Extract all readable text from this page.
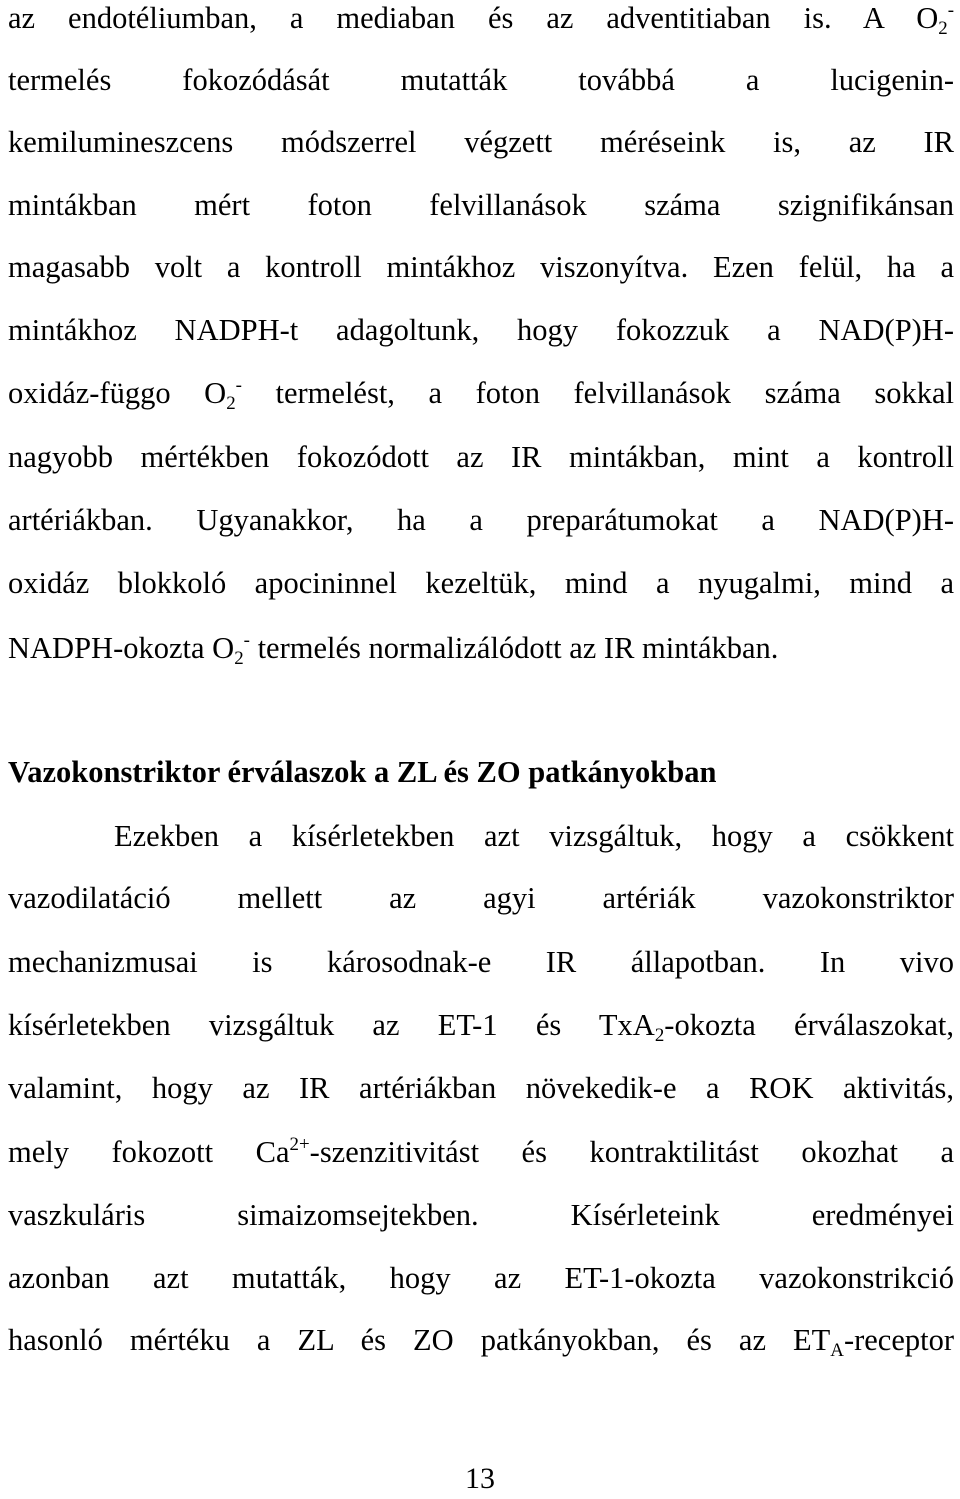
az endotéliumban, a mediaban és az adventitiaban is. A $O_2^-$
termelés fokozódását mutatták továbbá a lucigenin-
kemilumineszcens módszerrel végzett méréseink is, az IR
mintákban mért foton felvillanások száma szignifikánsan
magasabb volt a kontroll mintákhoz viszonyítva. Ezen felül, ha a
mintákhoz NADPH-t adagoltunk, hogy fokozzuk a NAD(P)H-
oxidáz-függo $O_2^-$ termelést, a foton felvillanások száma sokkal
nagyobb mértékben fokozódott az IR mintákban, mint a kontroll
artériákban. Ugyanakkor, ha a preparátumokat a NAD(P)H-
oxidáz blokkoló apocininnel kezeltük, mind a nyugalmi, mind a
NADPH-okozta $O_2^-$ termelés normalizálódott az IR mintákban.
Vazokonstriktor érválaszok a ZL és ZO patkányokban
Ezekben a kísérletekben azt vizsgáltuk, hogy a csökkent
vazodilatáció mellett az agyi artériák vazokonstriktor
mechanizmusai is károsodnak-e IR állapotban. In vivo
kísérletekben vizsgáltuk az ET-1 és TxA$_2$-okozta érválaszokat,
valamint, hogy az IR artériákban növekedik-e a ROK aktivitás,
mely fokozott $Ca^{2+}$-szenzitivitást és kontraktilitást okozhat a
vaszkuláris simaizomsejtekben. Kísérleteink eredményei
azonban azt mutatták, hogy az ET-1-okozta vazokonstrikció
hasonló mértéku a ZL és ZO patkányokban, és az $ET_A$-receptor
13
